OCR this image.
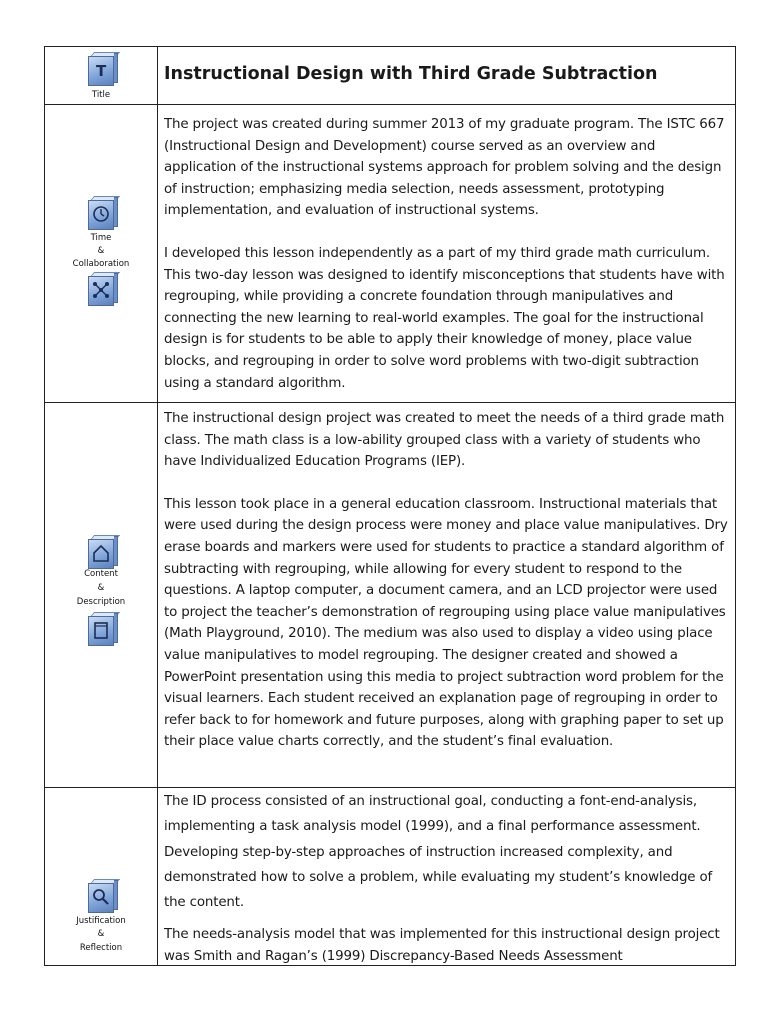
T
Title
Instructional Design with Third Grade Subtraction
Time
&
Collaboration

The project was created during summer 2013 of my graduate program. The ISTC 667 (Instructional Design and Development) course served as an overview and application of the instructional systems approach for problem solving and the design of instruction; emphasizing media selection, needs assessment, prototyping implementation, and evaluation of instructional systems.

I developed this lesson independently as a part of my third grade math curriculum. This two-day lesson was designed to identify misconceptions that students have with regrouping, while providing a concrete foundation through manipulatives and connecting the new learning to real-world examples. The goal for the instructional design is for students to be able to apply their knowledge of money, place value blocks, and regrouping in order to solve word problems with two-digit subtraction using a standard algorithm.

Content
&
Description

The instructional design project was created to meet the needs of a third grade math class. The math class is a low-ability grouped class with a variety of students who have Individualized Education Programs (IEP).

This lesson took place in a general education classroom. Instructional materials that were used during the design process were money and place value manipulatives. Dry erase boards and markers were used for students to practice a standard algorithm of subtracting with regrouping, while allowing for every student to respond to the questions. A laptop computer, a document camera, and an LCD projector were used to project the teacher’s demonstration of regrouping using place value manipulatives (Math Playground, 2010). The medium was also used to display a video using place value manipulatives to model regrouping. The designer created and showed a PowerPoint presentation using this media to project subtraction word problem for the visual learners. Each student received an explanation page of regrouping in order to refer back to for homework and future purposes, along with graphing paper to set up their place value charts correctly, and the student’s final evaluation.

Justification
&
Reflection

The ID process consisted of an instructional goal, conducting a font-end-analysis, implementing a task analysis model (1999), and a final performance assessment. Developing step-by-step approaches of instruction increased complexity, and demonstrated how to solve a problem, while evaluating my student’s knowledge of the content.

The needs-analysis model that was implemented for this instructional design project was Smith and Ragan’s (1999) Discrepancy-Based Needs Assessment
